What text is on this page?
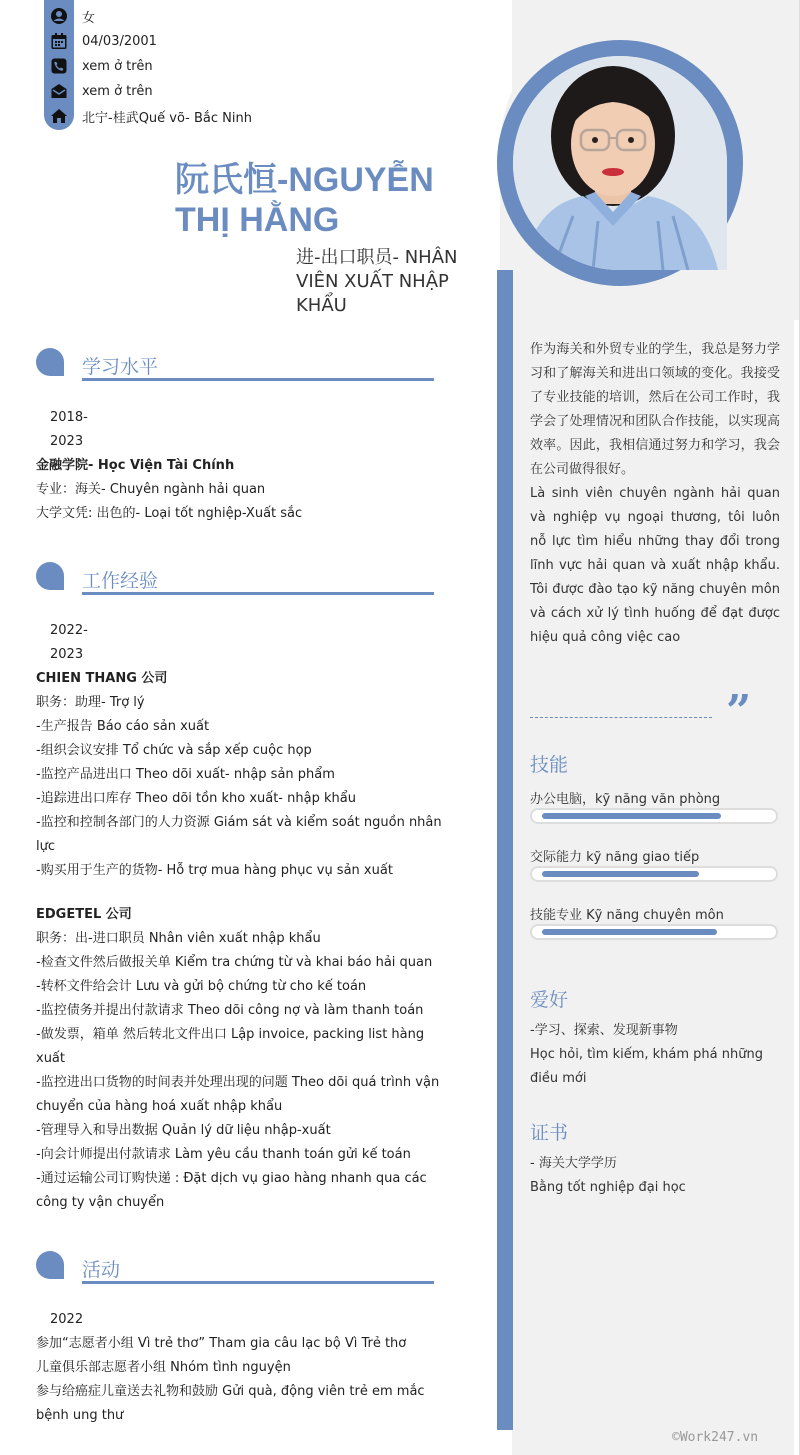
女
04/03/2001
xem ở trên
xem ở trên
北宁-桂武Quế võ- Bắc Ninh
阮氏恒-NGUYỄN THỊ HẰNG
进-出口职员- NHÂN VIÊN XUẤT NHẬP KHẨU
学习水平
2018-
2023
金融学院- Học Viện Tài Chính
专业：海关- Chuyên ngành hải quan
大学文凭: 出色的- Loại tốt nghiệp-Xuất sắc
工作经验
2022-
2023
CHIEN THANG 公司
职务：助理- Trợ lý
-生产报告 Báo cáo sản xuất
-组织会议安排 Tổ chức và sắp xếp cuộc họp
-监控产品进出口 Theo dõi xuất- nhập sản phẩm
-追踪进出口库存 Theo dõi tồn kho xuất- nhập khẩu
-监控和控制各部门的人力资源 Giám sát và kiểm soát nguồn nhân lực
-购买用于生产的货物- Hỗ trợ mua hàng phục vụ sản xuất
EDGETEL 公司
职务：出-进口职员 Nhân viên xuất nhập khẩu
-检查文件然后做报关单 Kiểm tra chứng từ và khai báo hải quan
-转杯文件给会计 Lưu và gửi bộ chứng từ cho kế toán
-监控债务并提出付款请求 Theo dõi công nợ và làm thanh toán
-做发票，箱单 然后转北文件出口 Lập invoice, packing list hàng xuất
-监控进出口货物的时间表并处理出现的问题 Theo dõi quá trình vận chuyển của hàng hoá xuất nhập khẩu
-管理导入和导出数据 Quản lý dữ liệu nhập-xuất
-向会计师提出付款请求 Làm yêu cầu thanh toán gửi kế toán
-通过运输公司订购快递 : Đặt dịch vụ giao hàng nhanh qua các công ty vận chuyển
活动
2022
参加“志愿者小组 Vì trẻ thơ” Tham gia câu lạc bộ Vì Trẻ thơ
儿童俱乐部志愿者小组 Nhóm tình nguyện
参与给癌症儿童送去礼物和鼓励 Gửi quà, động viên trẻ em mắc bệnh ung thư
作为海关和外贸专业的学生，我总是努力学习和了解海关和进出口领域的变化。我接受了专业技能的培训，然后在公司工作时，我学会了处理情况和团队合作技能，以实现高效率。因此，我相信通过努力和学习，我会在公司做得很好。
Là sinh viên chuyên ngành hải quan và nghiệp vụ ngoại thương, tôi luôn nỗ lực tìm hiểu những thay đổi trong lĩnh vực hải quan và xuất nhập khẩu. Tôi được đào tạo kỹ năng chuyên môn và cách xử lý tình huống để đạt được hiệu quả công việc cao
”
技能
办公电脑，kỹ năng văn phòng
交际能力 kỹ năng giao tiếp
技能专业 Kỹ năng chuyên môn
爱好
-学习、探索、发现新事物
Học hỏi, tìm kiếm, khám phá những điều mới
证书
- 海关大学学历
Bằng tốt nghiệp đại học
©Work247.vn
